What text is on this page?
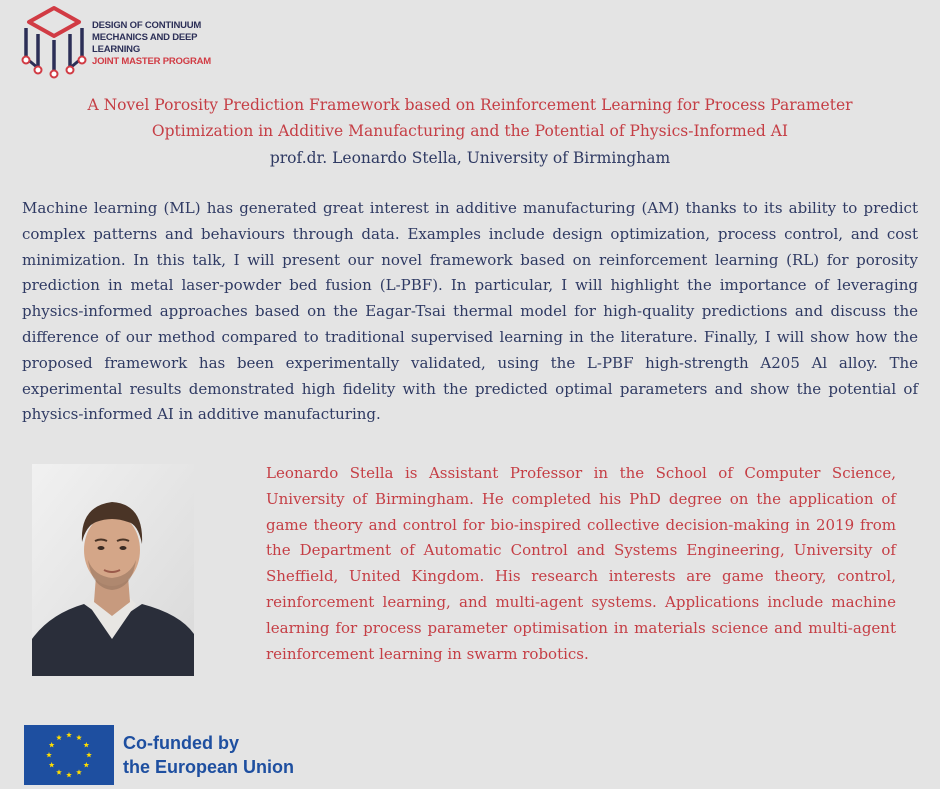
DESIGN OF CONTINUUM
MECHANICS AND DEEP LEARNING
JOINT MASTER PROGRAM
A Novel Porosity Prediction Framework based on Reinforcement Learning for Process Parameter
Optimization in Additive Manufacturing and the Potential of Physics-Informed AI
prof.dr. Leonardo Stella, University of Birmingham

Machine learning (ML) has generated great interest in additive manufacturing (AM) thanks to its ability to predict complex patterns and behaviours through data. Examples include design optimization, process control, and cost minimization. In this talk, I will present our novel framework based on reinforcement learning (RL) for porosity prediction in metal laser-powder bed fusion (L-PBF). In particular, I will highlight the importance of leveraging physics-informed approaches based on the Eagar-Tsai thermal model for high-quality predictions and discuss the difference of our method compared to traditional supervised learning in the literature. Finally, I will show how the proposed framework has been experimentally validated, using the L-PBF high-strength A205 Al alloy. The experimental results demonstrated high fidelity with the predicted optimal parameters and show the potential of physics-informed AI in additive manufacturing.

Leonardo Stella is Assistant Professor in the School of Computer Science, University of Birmingham. He completed his PhD degree on the application of game theory and control for bio-inspired collective decision-making in 2019 from the Department of Automatic Control and Systems Engineering, University of Sheffield, United Kingdom. His research interests are game theory, control, reinforcement learning, and multi-agent systems. Applications include machine learning for process parameter optimisation in materials science and multi-agent reinforcement learning in swarm robotics.

Co-funded by
the European Union
